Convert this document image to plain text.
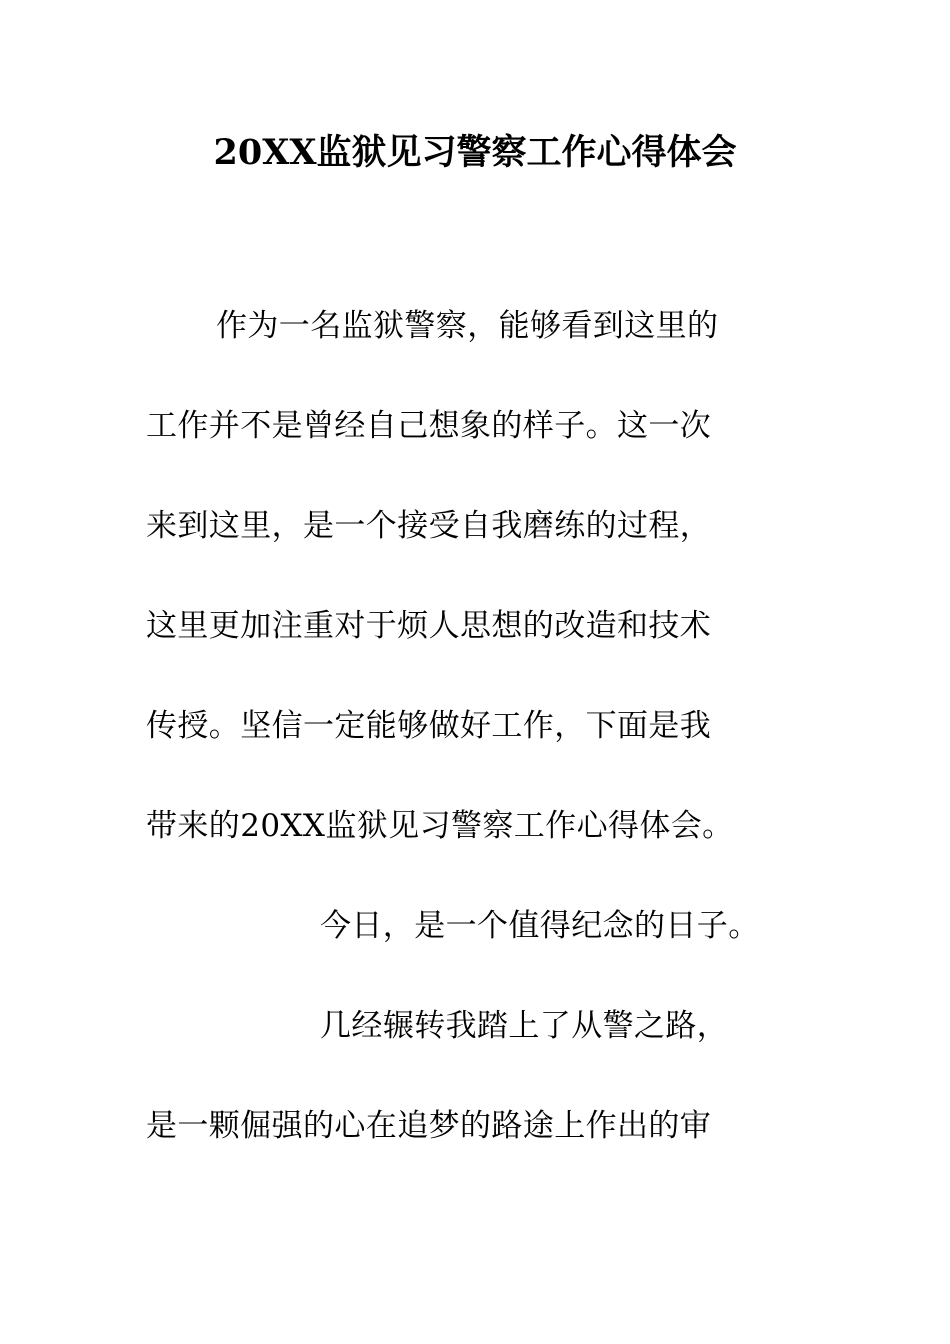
20XX监狱见习警察工作心得体会
作为一名监狱警察，能够看到这里的
工作并不是曾经自己想象的样子。这一次
来到这里，是一个接受自我磨练的过程，
这里更加注重对于烦人思想的改造和技术
传授。坚信一定能够做好工作，下面是我
带来的20XX监狱见习警察工作心得体会。
今日，是一个值得纪念的日子。
几经辗转我踏上了从警之路，
是一颗倔强的心在追梦的路途上作出的审
